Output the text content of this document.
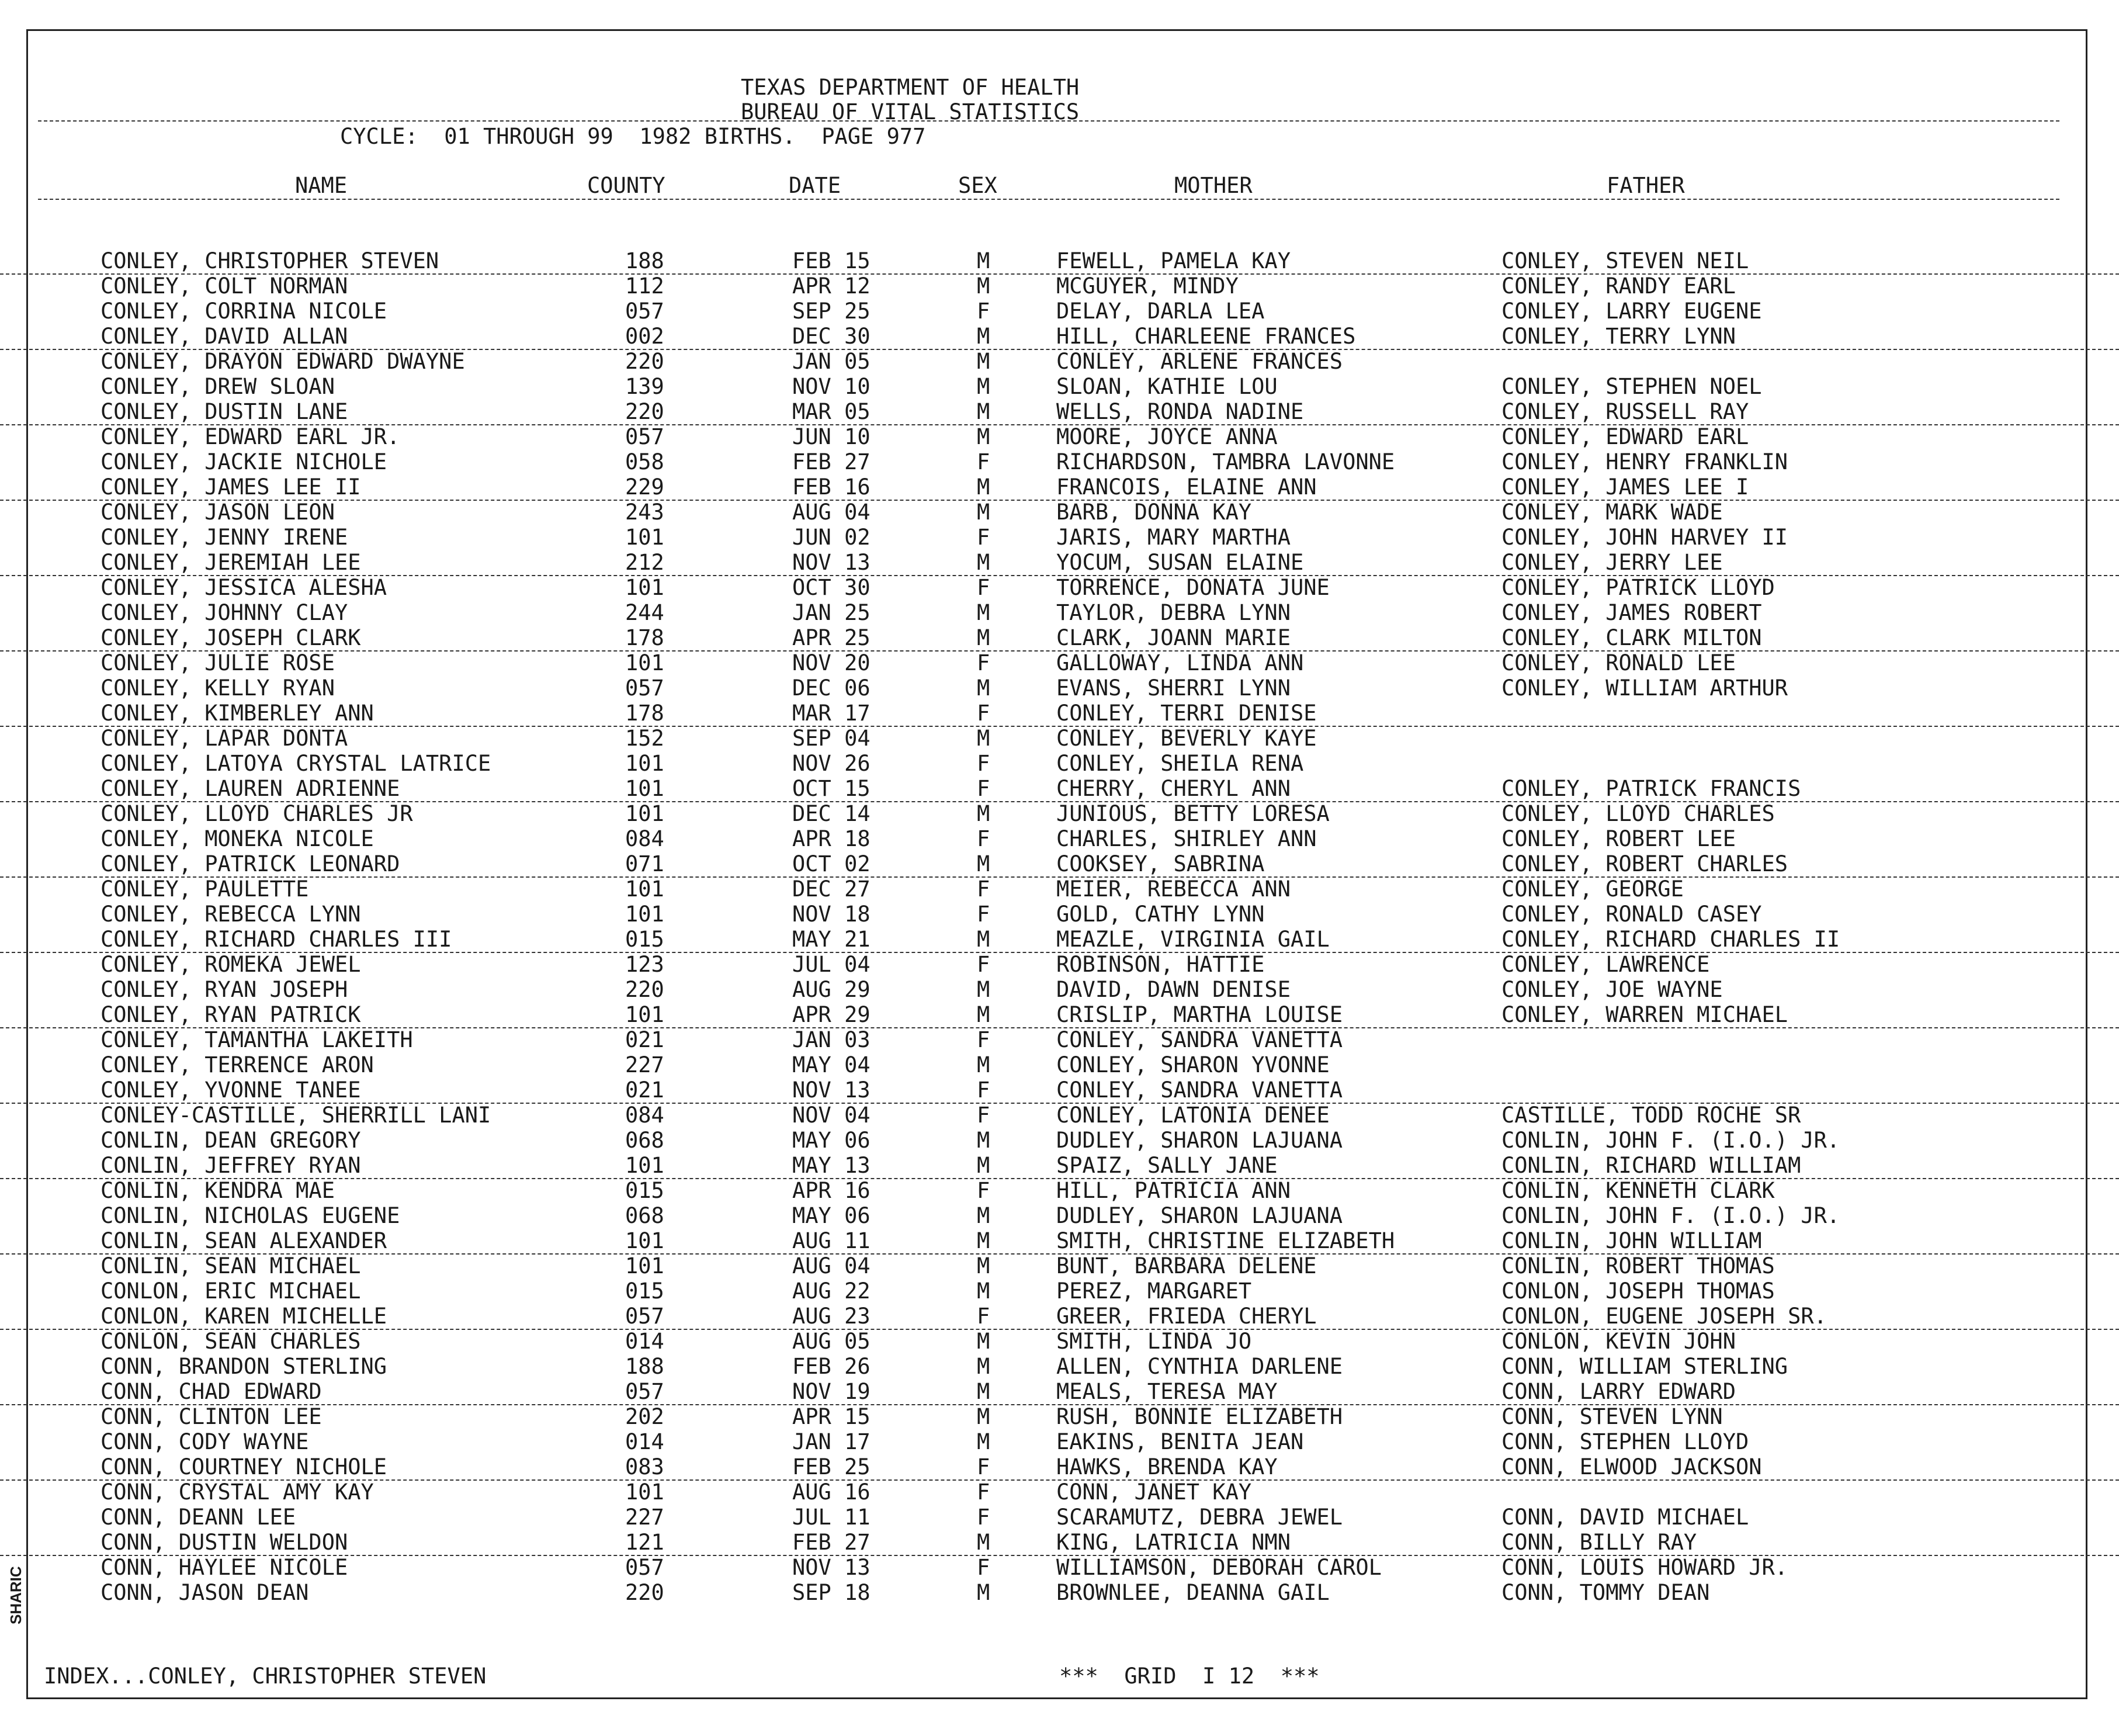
TEXAS DEPARTMENT OF HEALTH
BUREAU OF VITAL STATISTICS
CYCLE:  01 THROUGH 99  1982 BIRTHS.  PAGE 977
NAME	COUNTY	DATE	SEX	MOTHER	FATHER
CONLEY, CHRISTOPHER STEVEN	188	FEB 15	M	FEWELL, PAMELA KAY	CONLEY, STEVEN NEIL
CONLEY, COLT NORMAN	112	APR 12	M	MCGUYER, MINDY	CONLEY, RANDY EARL
CONLEY, CORRINA NICOLE	057	SEP 25	F	DELAY, DARLA LEA	CONLEY, LARRY EUGENE
CONLEY, DAVID ALLAN	002	DEC 30	M	HILL, CHARLEENE FRANCES	CONLEY, TERRY LYNN
CONLEY, DRAYON EDWARD DWAYNE	220	JAN 05	M	CONLEY, ARLENE FRANCES
CONLEY, DREW SLOAN	139	NOV 10	M	SLOAN, KATHIE LOU	CONLEY, STEPHEN NOEL
CONLEY, DUSTIN LANE	220	MAR 05	M	WELLS, RONDA NADINE	CONLEY, RUSSELL RAY
CONLEY, EDWARD EARL JR.	057	JUN 10	M	MOORE, JOYCE ANNA	CONLEY, EDWARD EARL
CONLEY, JACKIE NICHOLE	058	FEB 27	F	RICHARDSON, TAMBRA LAVONNE	CONLEY, HENRY FRANKLIN
CONLEY, JAMES LEE II	229	FEB 16	M	FRANCOIS, ELAINE ANN	CONLEY, JAMES LEE I
CONLEY, JASON LEON	243	AUG 04	M	BARB, DONNA KAY	CONLEY, MARK WADE
CONLEY, JENNY IRENE	101	JUN 02	F	JARIS, MARY MARTHA	CONLEY, JOHN HARVEY II
CONLEY, JEREMIAH LEE	212	NOV 13	M	YOCUM, SUSAN ELAINE	CONLEY, JERRY LEE
CONLEY, JESSICA ALESHA	101	OCT 30	F	TORRENCE, DONATA JUNE	CONLEY, PATRICK LLOYD
CONLEY, JOHNNY CLAY	244	JAN 25	M	TAYLOR, DEBRA LYNN	CONLEY, JAMES ROBERT
CONLEY, JOSEPH CLARK	178	APR 25	M	CLARK, JOANN MARIE	CONLEY, CLARK MILTON
CONLEY, JULIE ROSE	101	NOV 20	F	GALLOWAY, LINDA ANN	CONLEY, RONALD LEE
CONLEY, KELLY RYAN	057	DEC 06	M	EVANS, SHERRI LYNN	CONLEY, WILLIAM ARTHUR
CONLEY, KIMBERLEY ANN	178	MAR 17	F	CONLEY, TERRI DENISE
CONLEY, LAPAR DONTA	152	SEP 04	M	CONLEY, BEVERLY KAYE
CONLEY, LATOYA CRYSTAL LATRICE	101	NOV 26	F	CONLEY, SHEILA RENA
CONLEY, LAUREN ADRIENNE	101	OCT 15	F	CHERRY, CHERYL ANN	CONLEY, PATRICK FRANCIS
CONLEY, LLOYD CHARLES JR	101	DEC 14	M	JUNIOUS, BETTY LORESA	CONLEY, LLOYD CHARLES
CONLEY, MONEKA NICOLE	084	APR 18	F	CHARLES, SHIRLEY ANN	CONLEY, ROBERT LEE
CONLEY, PATRICK LEONARD	071	OCT 02	M	COOKSEY, SABRINA	CONLEY, ROBERT CHARLES
CONLEY, PAULETTE	101	DEC 27	F	MEIER, REBECCA ANN	CONLEY, GEORGE
CONLEY, REBECCA LYNN	101	NOV 18	F	GOLD, CATHY LYNN	CONLEY, RONALD CASEY
CONLEY, RICHARD CHARLES III	015	MAY 21	M	MEAZLE, VIRGINIA GAIL	CONLEY, RICHARD CHARLES II
CONLEY, ROMEKA JEWEL	123	JUL 04	F	ROBINSON, HATTIE	CONLEY, LAWRENCE
CONLEY, RYAN JOSEPH	220	AUG 29	M	DAVID, DAWN DENISE	CONLEY, JOE WAYNE
CONLEY, RYAN PATRICK	101	APR 29	M	CRISLIP, MARTHA LOUISE	CONLEY, WARREN MICHAEL
CONLEY, TAMANTHA LAKEITH	021	JAN 03	F	CONLEY, SANDRA VANETTA
CONLEY, TERRENCE ARON	227	MAY 04	M	CONLEY, SHARON YVONNE
CONLEY, YVONNE TANEE	021	NOV 13	F	CONLEY, SANDRA VANETTA
CONLEY-CASTILLE, SHERRILL LANI	084	NOV 04	F	CONLEY, LATONIA DENEE	CASTILLE, TODD ROCHE SR
CONLIN, DEAN GREGORY	068	MAY 06	M	DUDLEY, SHARON LAJUANA	CONLIN, JOHN F. (I.O.) JR.
CONLIN, JEFFREY RYAN	101	MAY 13	M	SPAIZ, SALLY JANE	CONLIN, RICHARD WILLIAM
CONLIN, KENDRA MAE	015	APR 16	F	HILL, PATRICIA ANN	CONLIN, KENNETH CLARK
CONLIN, NICHOLAS EUGENE	068	MAY 06	M	DUDLEY, SHARON LAJUANA	CONLIN, JOHN F. (I.O.) JR.
CONLIN, SEAN ALEXANDER	101	AUG 11	M	SMITH, CHRISTINE ELIZABETH	CONLIN, JOHN WILLIAM
CONLIN, SEAN MICHAEL	101	AUG 04	M	BUNT, BARBARA DELENE	CONLIN, ROBERT THOMAS
CONLON, ERIC MICHAEL	015	AUG 22	M	PEREZ, MARGARET	CONLON, JOSEPH THOMAS
CONLON, KAREN MICHELLE	057	AUG 23	F	GREER, FRIEDA CHERYL	CONLON, EUGENE JOSEPH SR.
CONLON, SEAN CHARLES	014	AUG 05	M	SMITH, LINDA JO	CONLON, KEVIN JOHN
CONN, BRANDON STERLING	188	FEB 26	M	ALLEN, CYNTHIA DARLENE	CONN, WILLIAM STERLING
CONN, CHAD EDWARD	057	NOV 19	M	MEALS, TERESA MAY	CONN, LARRY EDWARD
CONN, CLINTON LEE	202	APR 15	M	RUSH, BONNIE ELIZABETH	CONN, STEVEN LYNN
CONN, CODY WAYNE	014	JAN 17	M	EAKINS, BENITA JEAN	CONN, STEPHEN LLOYD
CONN, COURTNEY NICHOLE	083	FEB 25	F	HAWKS, BRENDA KAY	CONN, ELWOOD JACKSON
CONN, CRYSTAL AMY KAY	101	AUG 16	F	CONN, JANET KAY
CONN, DEANN LEE	227	JUL 11	F	SCARAMUTZ, DEBRA JEWEL	CONN, DAVID MICHAEL
CONN, DUSTIN WELDON	121	FEB 27	M	KING, LATRICIA NMN	CONN, BILLY RAY
CONN, HAYLEE NICOLE	057	NOV 13	F	WILLIAMSON, DEBORAH CAROL	CONN, LOUIS HOWARD JR.
CONN, JASON DEAN	220	SEP 18	M	BROWNLEE, DEANNA GAIL	CONN, TOMMY DEAN
INDEX...CONLEY, CHRISTOPHER STEVEN	***  GRID  I 12  ***
SHARIC
